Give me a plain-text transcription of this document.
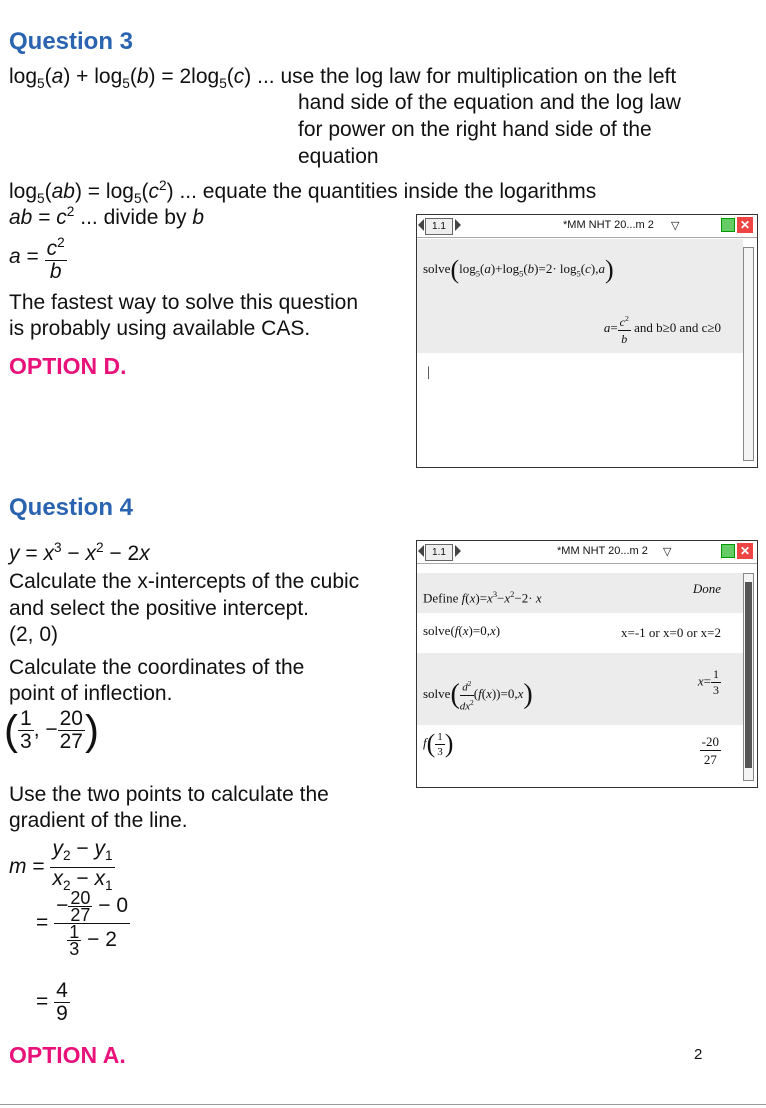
Question 3
$\log_5(a) + \log_5(b) = 2\log_5(c)$ ... use the log law for multiplication on the left
hand side of the equation and the log law
for power on the right hand side of the
equation
$\log_5(ab) = \log_5(c^2)$ ... equate the quantities inside the logarithms
ab = $c^2$ ... divide by b
$a = \frac{c^2}{b}$
The fastest way to solve this question
is probably using available CAS.
OPTION D.
1.1	*MM NHT 20...m 2 ▽	✕
$solve(\log_5(a)+\log_5(b)=2\cdot \log_5(c),a)$
$a= \frac{c^2}{b}$ and b≥0 and c≥0
|
Question 4
$y = x^3 - x^2 - 2x$
Calculate the x-intercepts of the cubic
and select the positive intercept.
(2, 0)
Calculate the coordinates of the
point of inflection.
( $\frac{1}{3}$ , − $\frac{20}{27}$ )
Use the two points to calculate the
gradient of the line.
$m = \frac{y_2 - y_1}{x_2 - x_1}$
= $\frac{- \frac{20}{27} - 0}{\frac{1}{3} - 2}$
= $\frac{4}{9}$
OPTION A.
1.1	*MM NHT 20...m 2 ▽	✕
Define $f(x)=x^3-x^2-2\cdot x$
Done
solve(f(x)=0,x)	x=-1 or x=0 or x=2
solve( $\frac{d^2}{dx^2} (f(x))=0,x$)	$x= \frac{1}{3}$
$f( \frac{1}{3}$ )	$\frac{-20}{27}$
2
